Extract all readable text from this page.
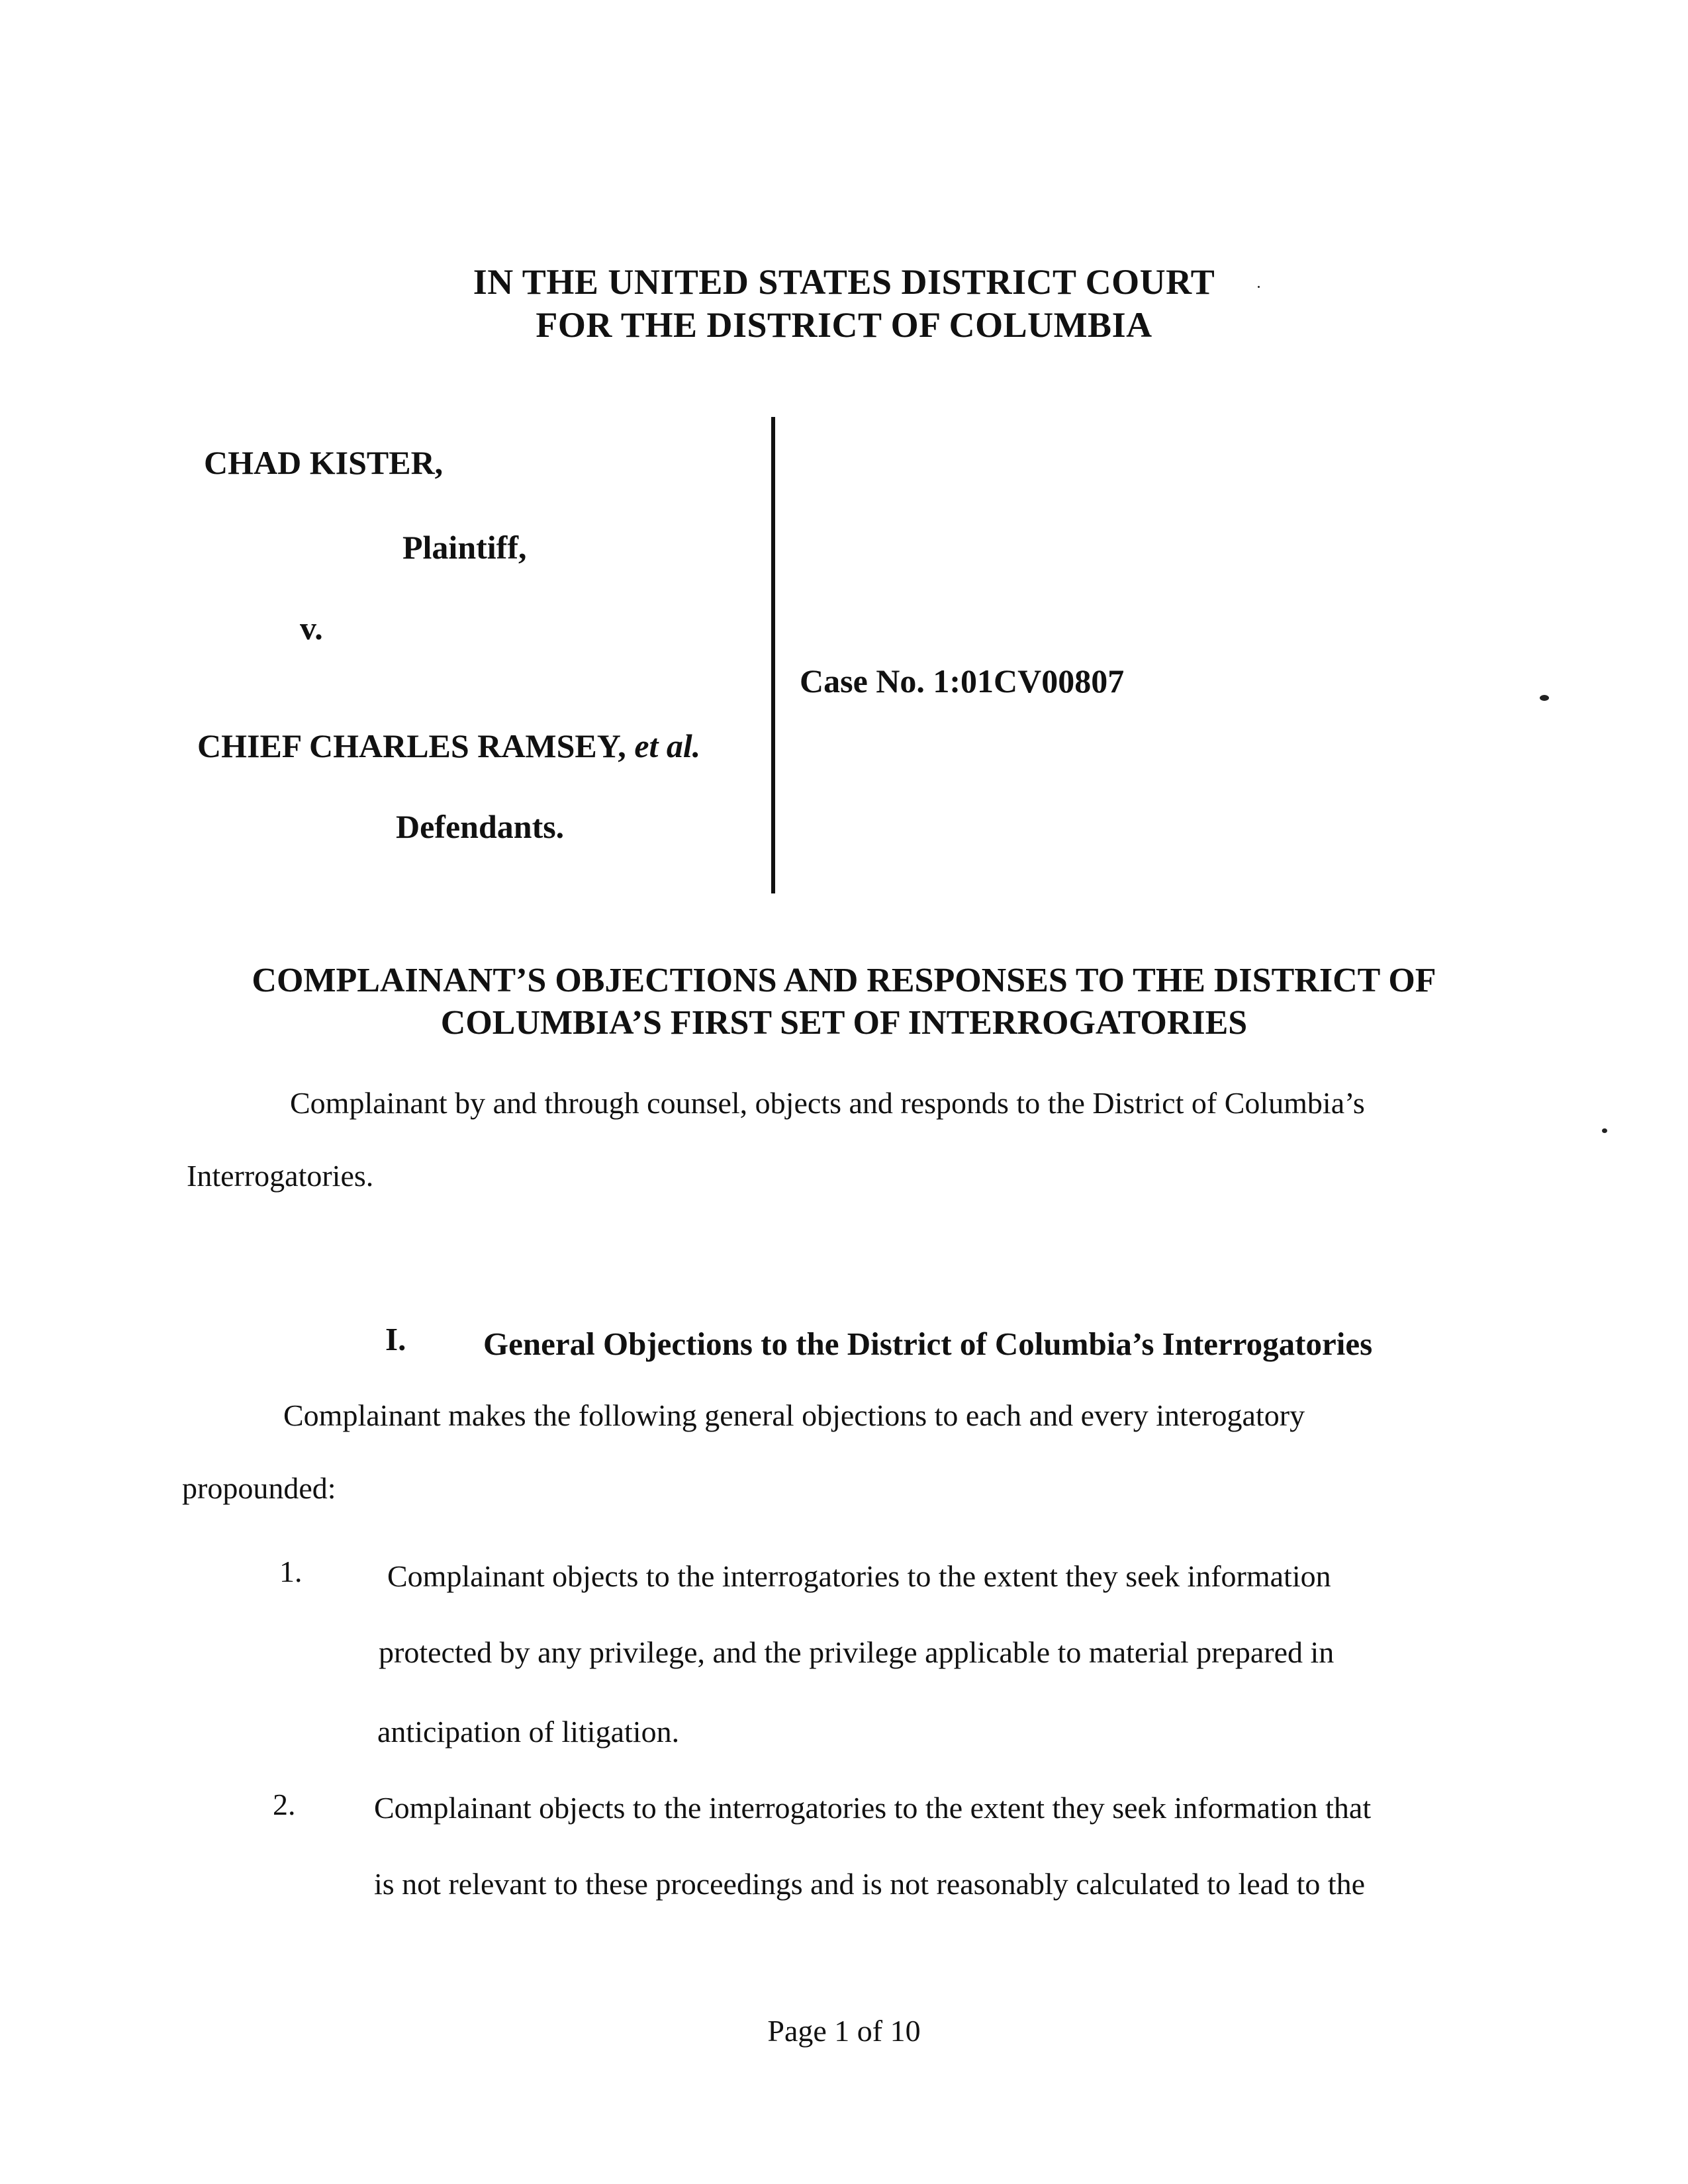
IN THE UNITED STATES DISTRICT COURT
FOR THE DISTRICT OF COLUMBIA
CHAD KISTER,
Plaintiff,
v.
CHIEF CHARLES RAMSEY, et al.
Defendants.
Case No. 1:01CV00807
COMPLAINANT’S OBJECTIONS AND RESPONSES TO THE DISTRICT OF
COLUMBIA’S FIRST SET OF INTERROGATORIES
Complainant by and through counsel, objects and responds to the District of Columbia’s
Interrogatories.
I. General Objections to the District of Columbia’s Interrogatories
Complainant makes the following general objections to each and every interogatory
propounded:
1.	Complainant objects to the interrogatories to the extent they seek information
protected by any privilege, and the privilege applicable to material prepared in
anticipation of litigation.
2.	Complainant objects to the interrogatories to the extent they seek information that
is not relevant to these proceedings and is not reasonably calculated to lead to the
Page 1 of 10
